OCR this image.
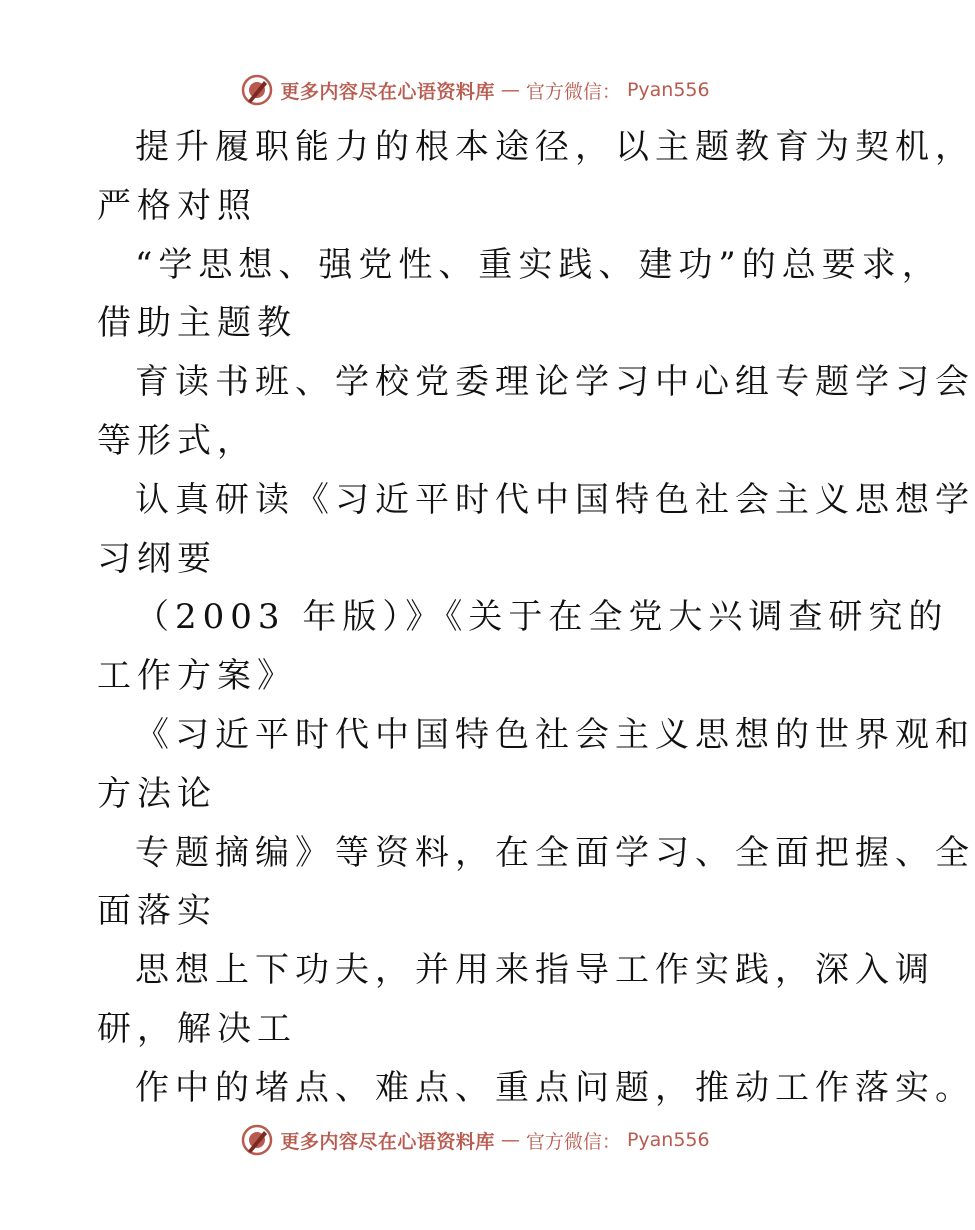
更多内容尽在心语资料库 — 官方微信： Pyan556
提升履职能力的根本途径，以主题教育为契机，
严格对照
“学思想、强党性、重实践、建功”的总要求，
借助主题教
育读书班、学校党委理论学习中心组专题学习会
等形式，
认真研读《习近平时代中国特色社会主义思想学
习纲要
（2003 年版）》《关于在全党大兴调查研究的
工作方案》
《习近平时代中国特色社会主义思想的世界观和
方法论
专题摘编》等资料，在全面学习、全面把握、全
面落实
思想上下功夫，并用来指导工作实践，深入调
研，解决工
作中的堵点、难点、重点问题，推动工作落实。
更多内容尽在心语资料库 — 官方微信： Pyan556
